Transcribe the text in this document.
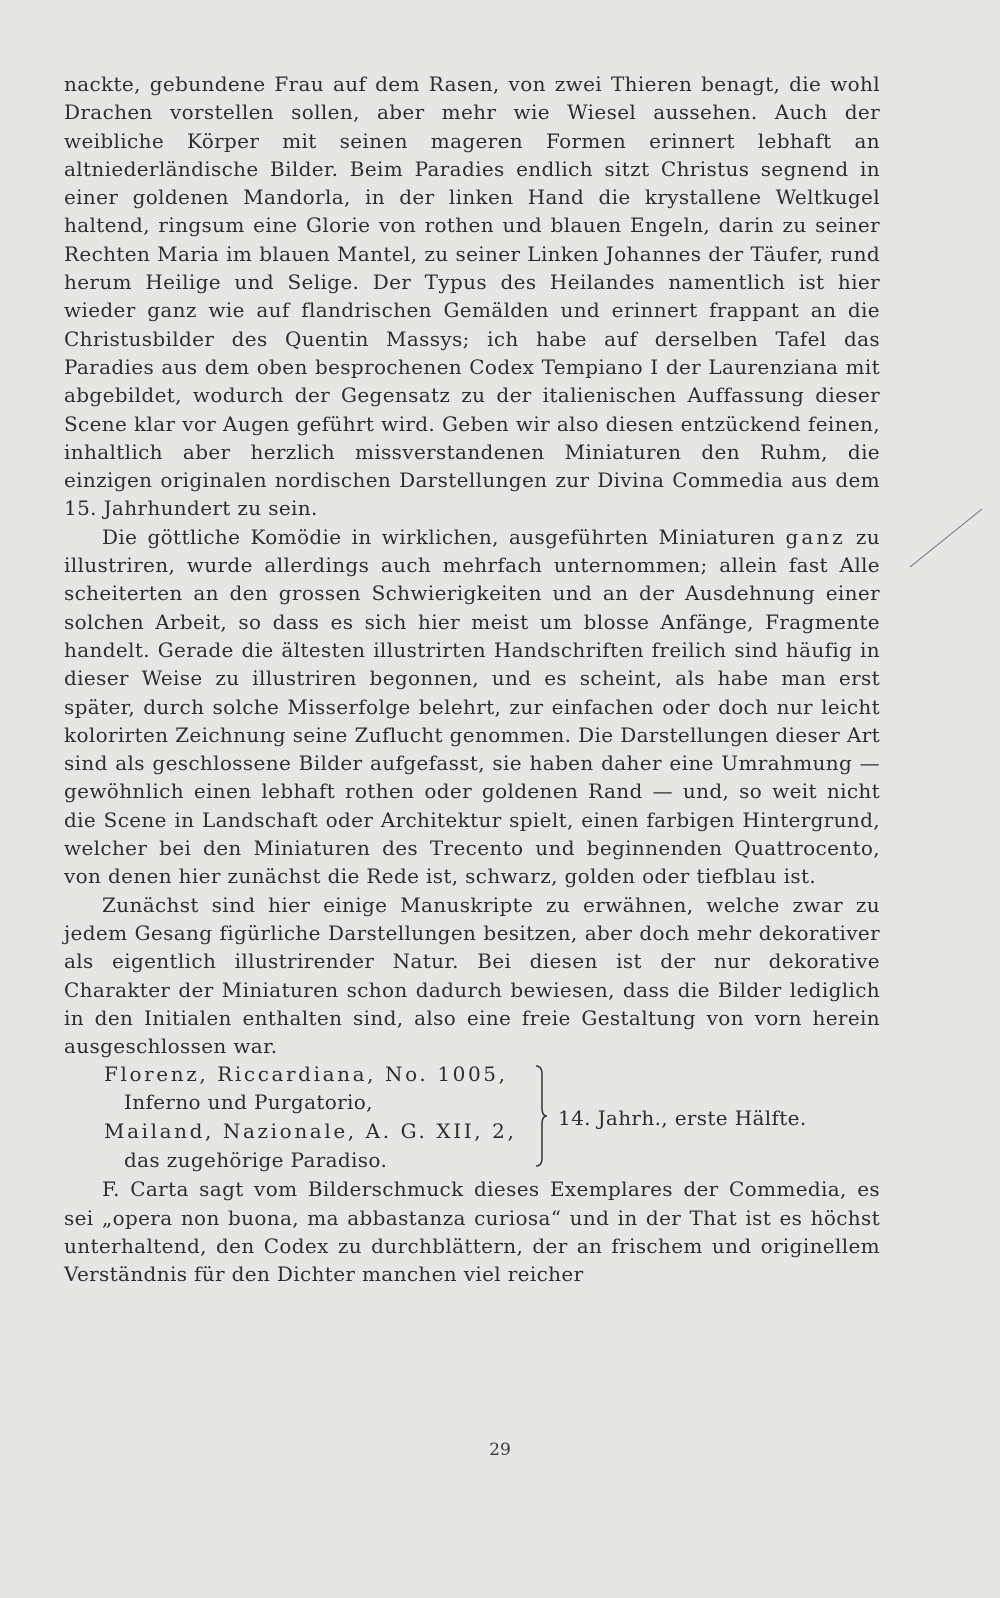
nackte, gebundene Frau auf dem Rasen, von zwei Thieren benagt, die wohl Drachen vorstellen sollen, aber mehr wie Wiesel aussehen. Auch der weibliche Körper mit seinen mageren Formen erinnert lebhaft an altniederländische Bilder. Beim Paradies endlich sitzt Christus segnend in einer goldenen Mandorla, in der linken Hand die krystallene Weltkugel haltend, ringsum eine Glorie von rothen und blauen Engeln, darin zu seiner Rechten Maria im blauen Mantel, zu seiner Linken Johannes der Täufer, rund herum Heilige und Selige. Der Typus des Heilandes namentlich ist hier wieder ganz wie auf flandrischen Gemälden und erinnert frappant an die Christusbilder des Quentin Massys; ich habe auf derselben Tafel das Paradies aus dem oben besprochenen Codex Tempiano I der Laurenziana mit abgebildet, wodurch der Gegensatz zu der italienischen Auffassung dieser Scene klar vor Augen geführt wird. Geben wir also diesen entzückend feinen, inhaltlich aber herzlich missverstandenen Miniaturen den Ruhm, die einzigen originalen nordischen Darstellungen zur Divina Commedia aus dem 15. Jahrhundert zu sein.

Die göttliche Komödie in wirklichen, ausgeführten Miniaturen ganz zu illustriren, wurde allerdings auch mehrfach unternommen; allein fast Alle scheiterten an den grossen Schwierigkeiten und an der Ausdehnung einer solchen Arbeit, so dass es sich hier meist um blosse Anfänge, Fragmente handelt. Gerade die ältesten illustrirten Handschriften freilich sind häufig in dieser Weise zu illustriren begonnen, und es scheint, als habe man erst später, durch solche Misserfolge belehrt, zur einfachen oder doch nur leicht kolorirten Zeichnung seine Zuflucht genommen. Die Darstellungen dieser Art sind als geschlossene Bilder aufgefasst, sie haben daher eine Umrahmung — gewöhnlich einen lebhaft rothen oder goldenen Rand — und, so weit nicht die Scene in Landschaft oder Architektur spielt, einen farbigen Hintergrund, welcher bei den Miniaturen des Trecento und beginnenden Quattrocento, von denen hier zunächst die Rede ist, schwarz, golden oder tiefblau ist.

Zunächst sind hier einige Manuskripte zu erwähnen, welche zwar zu jedem Gesang figürliche Darstellungen besitzen, aber doch mehr dekorativer als eigentlich illustrirender Natur. Bei diesen ist der nur dekorative Charakter der Miniaturen schon dadurch bewiesen, dass die Bilder lediglich in den Initialen enthalten sind, also eine freie Gestaltung von vorn herein ausgeschlossen war.

Florenz, Riccardiana, No. 1005,
Inferno und Purgatorio,
Mailand, Nazionale, A. G. XII, 2,
das zugehörige Paradiso.
14. Jahrh., erste Hälfte.

F. Carta sagt vom Bilderschmuck dieses Exemplares der Commedia, es sei „opera non buona, ma abbastanza curiosa“ und in der That ist es höchst unterhaltend, den Codex zu durchblättern, der an frischem und originellem Verständnis für den Dichter manchen viel reicher

29
